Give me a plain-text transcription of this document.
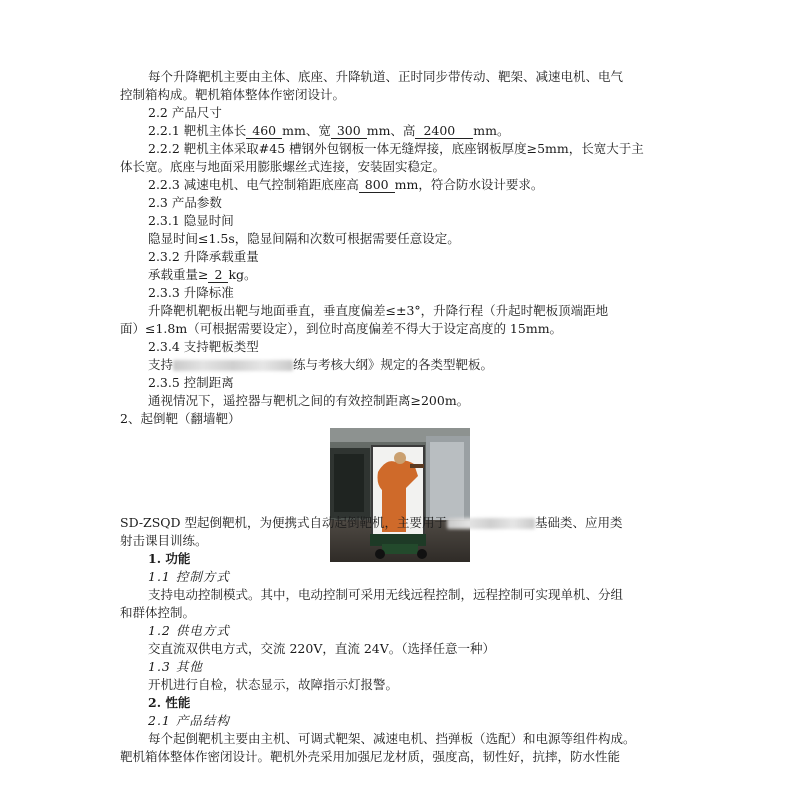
每个升降靶机主要由主体、底座、升降轨道、正时同步带传动、靶架、减速电机、电气
控制箱构成。靶机箱体整体作密闭设计。
2.2 产品尺寸
2.2.1 靶机主体长 460 mm、宽 300 mm、高 2400 mm。
2.2.2 靶机主体采取#45 槽钢外包钢板一体无缝焊接，底座钢板厚度≥5mm，长宽大于主
体长宽。底座与地面采用膨胀螺丝式连接，安装固实稳定。
2.2.3 减速电机、电气控制箱距底座高 800 mm，符合防水设计要求。
2.3 产品参数
2.3.1 隐显时间
隐显时间≤1.5s，隐显间隔和次数可根据需要任意设定。
2.3.2 升降承载重量
承载重量≥ 2 kg。
2.3.3 升降标准
升降靶机靶板出靶与地面垂直，垂直度偏差≤±3°，升降行程（升起时靶板顶端距地
面）≤1.8m（可根据需要设定），到位时高度偏差不得大于设定高度的 15mm。
2.3.4 支持靶板类型
支持	练与考核大纲》规定的各类型靶板。
2.3.5 控制距离
通视情况下，遥控器与靶机之间的有效控制距离≥200m。
2、起倒靶（翻墙靶）
SD-ZSQD 型起倒靶机，为便携式自动起倒靶机，主要用于	基础类、应用类
射击课目训练。
1. 功能
1.1 控制方式
支持电动控制模式。其中，电动控制可采用无线远程控制，远程控制可实现单机、分组
和群体控制。
1.2 供电方式
交直流双供电方式，交流 220V，直流 24V。（选择任意一种）
1.3 其他
开机进行自检，状态显示，故障指示灯报警。
2. 性能
2.1 产品结构
每个起倒靶机主要由主机、可调式靶架、减速电机、挡弹板（选配）和电源等组件构成。
靶机箱体整体作密闭设计。靶机外壳采用加强尼龙材质，强度高，韧性好，抗摔，防水性能
